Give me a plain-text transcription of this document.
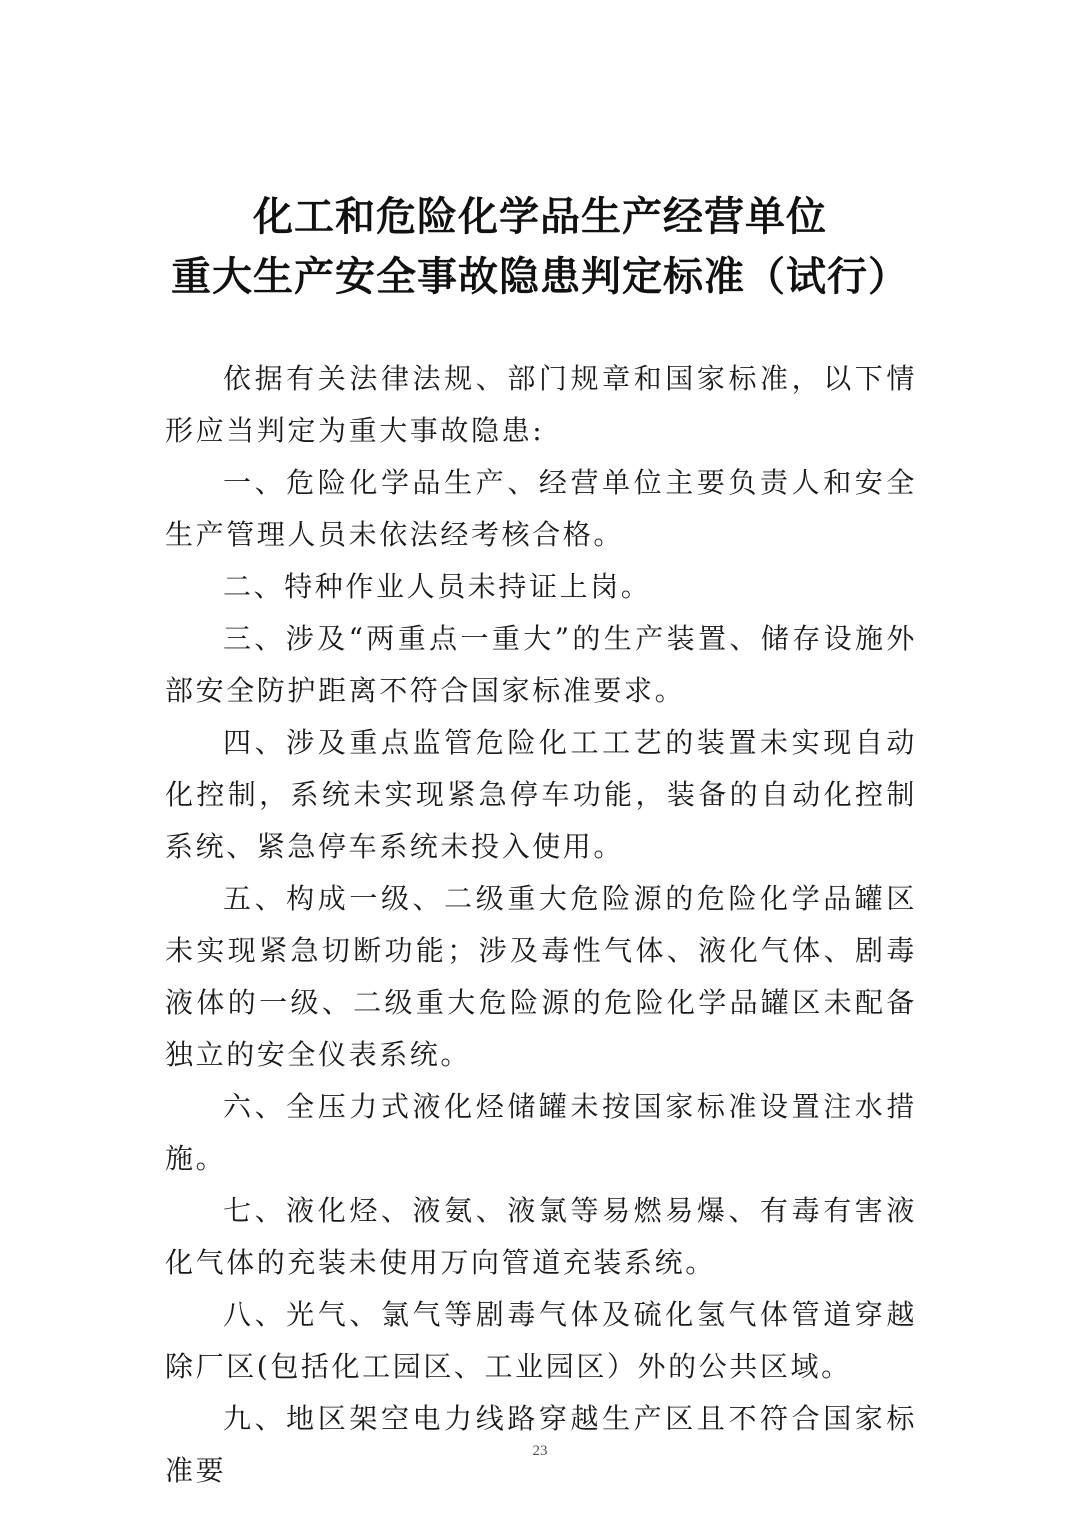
化工和危险化学品生产经营单位
重大生产安全事故隐患判定标准（试行）

依据有关法律法规、部门规章和国家标准，以下情形应当判定为重大事故隐患:

一、危险化学品生产、经营单位主要负责人和安全生产管理人员未依法经考核合格。

二、特种作业人员未持证上岗。

三、涉及“两重点一重大”的生产装置、储存设施外部安全防护距离不符合国家标准要求。

四、涉及重点监管危险化工工艺的装置未实现自动化控制，系统未实现紧急停车功能，装备的自动化控制系统、紧急停车系统未投入使用。

五、构成一级、二级重大危险源的危险化学品罐区未实现紧急切断功能；涉及毒性气体、液化气体、剧毒液体的一级、二级重大危险源的危险化学品罐区未配备独立的安全仪表系统。

六、全压力式液化烃储罐未按国家标准设置注水措施。

七、液化烃、液氨、液氯等易燃易爆、有毒有害液化气体的充装未使用万向管道充装系统。

八、光气、氯气等剧毒气体及硫化氢气体管道穿越除厂区(包括化工园区、工业园区）外的公共区域。

九、地区架空电力线路穿越生产区且不符合国家标准要

23
